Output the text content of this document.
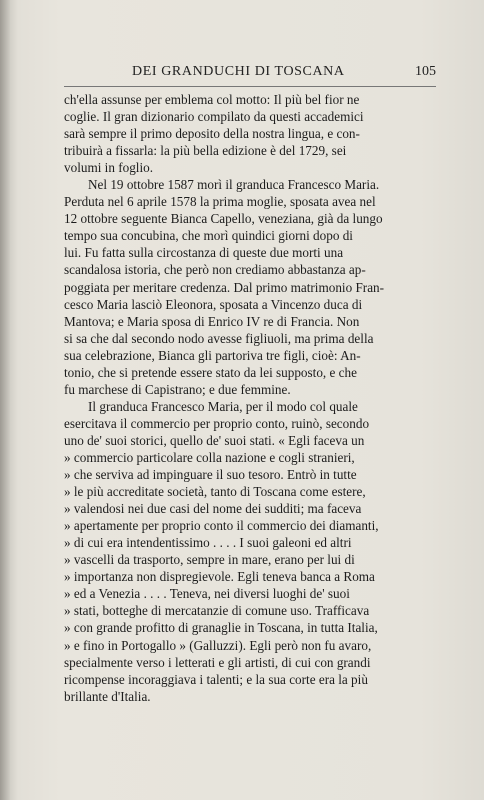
DEI GRANDUCHI DI TOSCANA	105
ch'ella assunse per emblema col motto: Il più bel fior ne
coglie. Il gran dizionario compilato da questi accademici
sarà sempre il primo deposito della nostra lingua, e con-
tribuirà a fissarla: la più bella edizione è del 1729, sei
volumi in foglio.
Nel 19 ottobre 1587 morì il granduca Francesco Maria.
Perduta nel 6 aprile 1578 la prima moglie, sposata avea nel
12 ottobre seguente Bianca Capello, veneziana, già da lungo
tempo sua concubina, che morì quindici giorni dopo di
lui. Fu fatta sulla circostanza di queste due morti una
scandalosa istoria, che però non crediamo abbastanza ap-
poggiata per meritare credenza. Dal primo matrimonio Fran-
cesco Maria lasciò Eleonora, sposata a Vincenzo duca di
Mantova; e Maria sposa di Enrico IV re di Francia. Non
si sa che dal secondo nodo avesse figliuoli, ma prima della
sua celebrazione, Bianca gli partoriva tre figli, cioè: An-
tonio, che si pretende essere stato da lei supposto, e che
fu marchese di Capistrano; e due femmine.
Il granduca Francesco Maria, per il modo col quale
esercitava il commercio per proprio conto, ruinò, secondo
uno de' suoi storici, quello de' suoi stati. « Egli faceva un
» commercio particolare colla nazione e cogli stranieri,
» che serviva ad impinguare il suo tesoro. Entrò in tutte
» le più accreditate società, tanto di Toscana come estere,
» valendosi nei due casi del nome dei sudditi; ma faceva
» apertamente per proprio conto il commercio dei diamanti,
» di cui era intendentissimo . . . . I suoi galeoni ed altri
» vascelli da trasporto, sempre in mare, erano per lui di
» importanza non dispregievole. Egli teneva banca a Roma
» ed a Venezia . . . . Teneva, nei diversi luoghi de' suoi
» stati, botteghe di mercatanzie di comune uso. Trafficava
» con grande profitto di granaglie in Toscana, in tutta Italia,
» e fino in Portogallo » (Galluzzi). Egli però non fu avaro,
specialmente verso i letterati e gli artisti, di cui con grandi
ricompense incoraggiava i talenti; e la sua corte era la più
brillante d'Italia.
